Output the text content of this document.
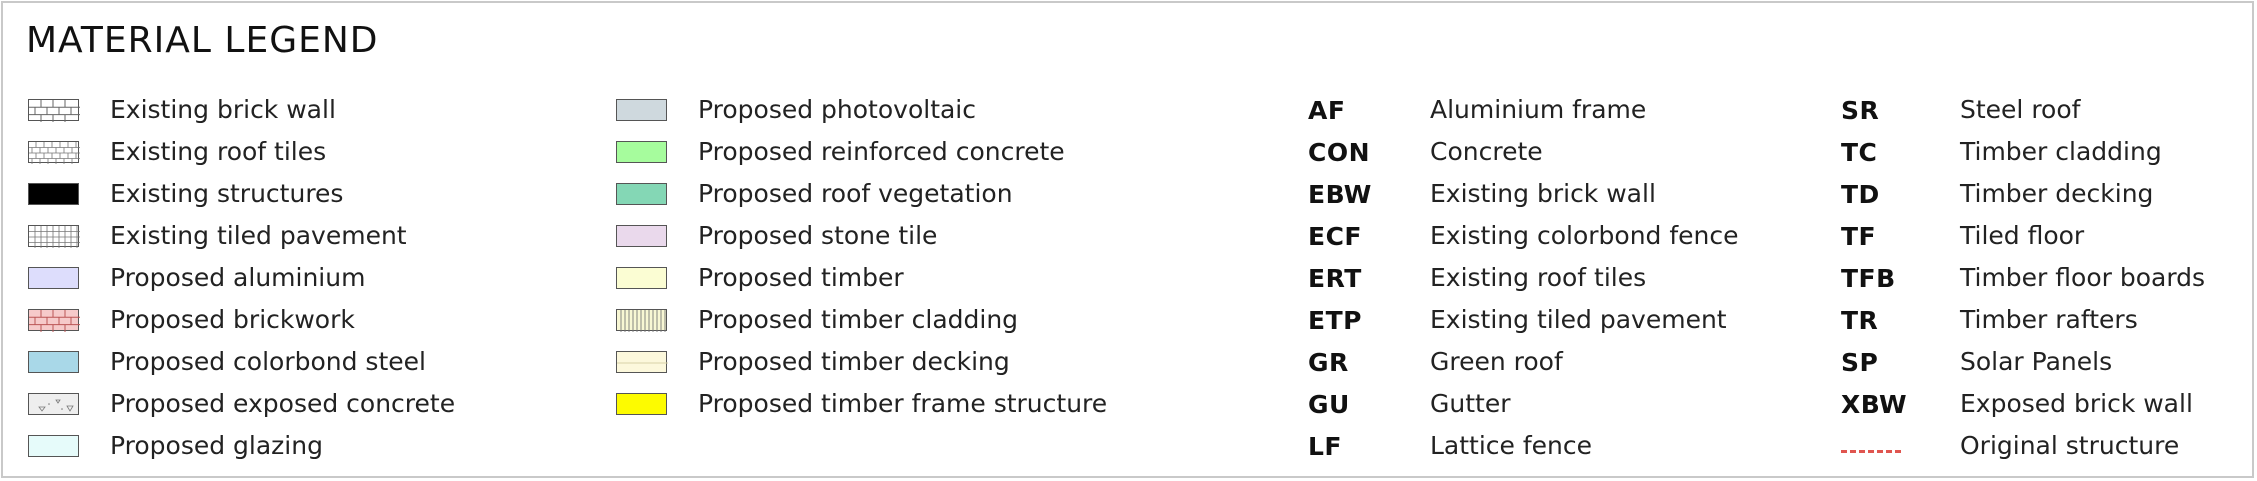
MATERIAL LEGEND
Existing brick wall
Existing roof tiles
Existing structures
Existing tiled pavement
Proposed aluminium
Proposed brickwork
Proposed colorbond steel
Proposed exposed concrete
Proposed glazing
Proposed photovoltaic
Proposed reinforced concrete
Proposed roof vegetation
Proposed stone tile
Proposed timber
Proposed timber cladding
Proposed timber decking
Proposed timber frame structure
AF	Aluminium frame
CON Concrete
EBW Existing brick wall
ECF	Existing colorbond fence
ERT	Existing roof tiles
ETP	Existing tiled pavement
GR	Green roof
GU	Gutter
LF	Lattice fence
SR	Steel roof
TC	Timber cladding
TD	Timber decking
TF	Tiled floor
TFB	Timber floor boards
TR	Timber rafters
SP	Solar Panels
XBW Exposed brick wall
Original structure
